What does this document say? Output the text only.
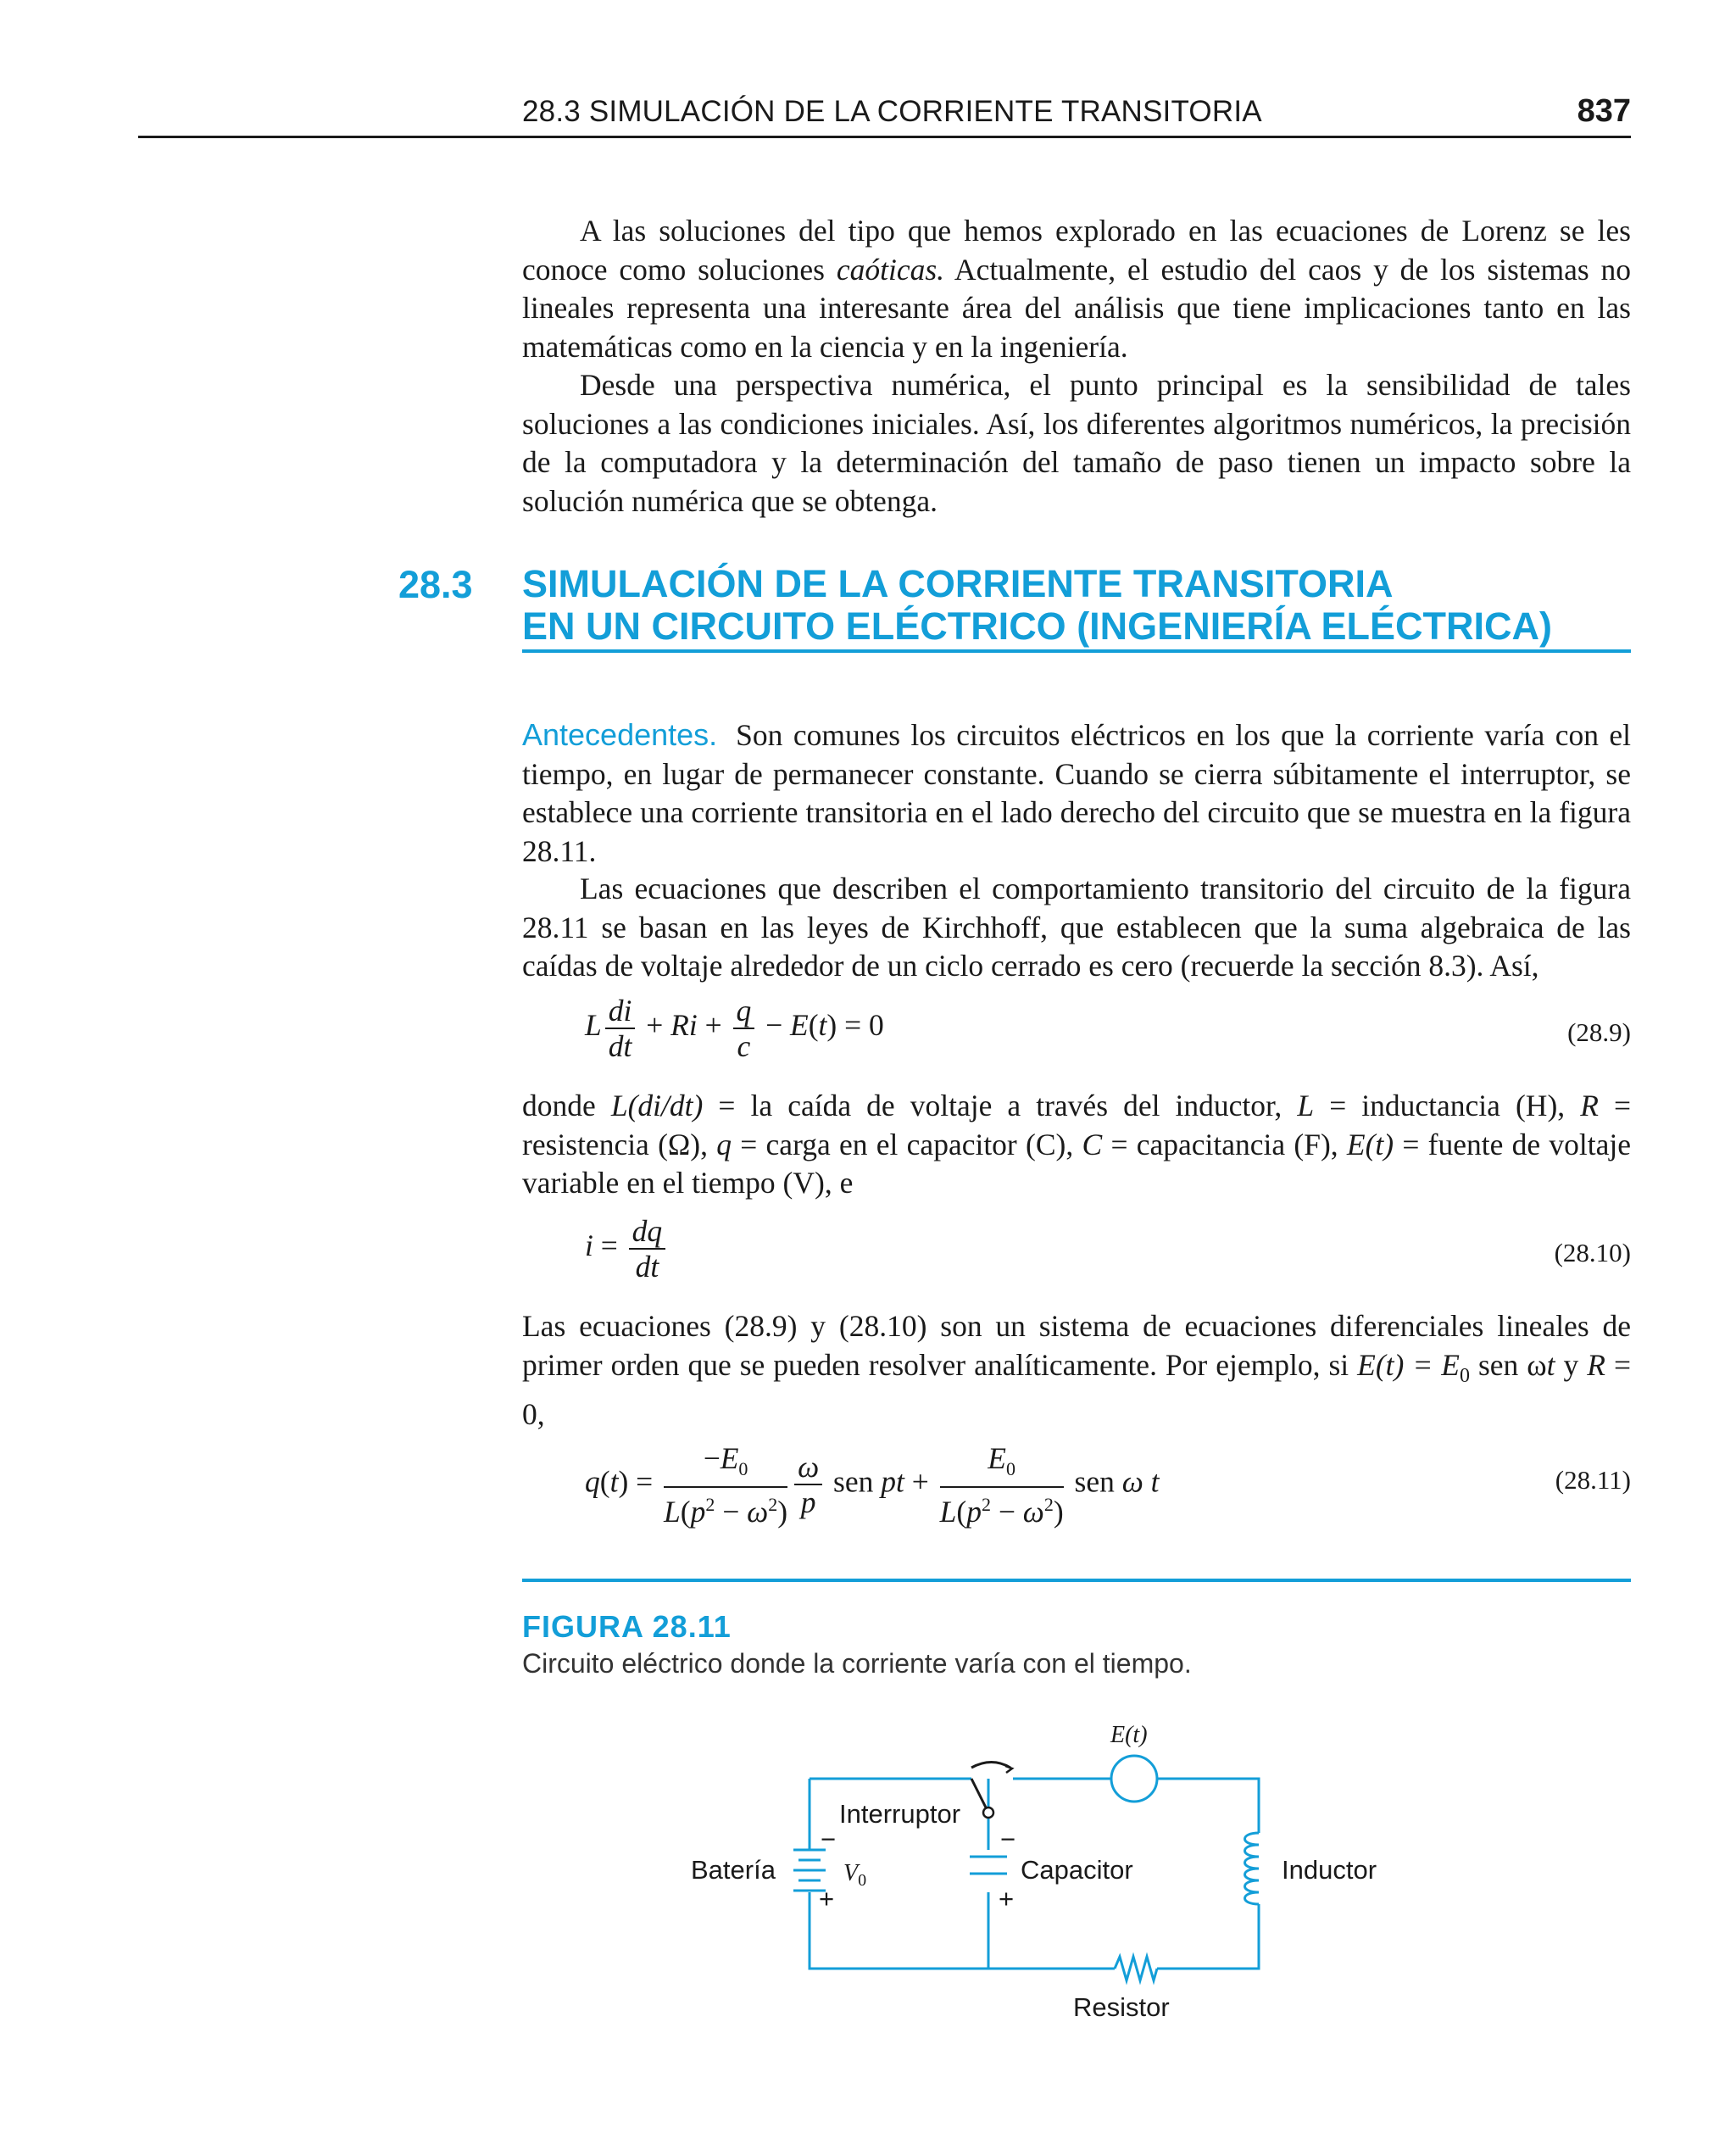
28.3 SIMULACIÓN DE LA CORRIENTE TRANSITORIA	837

A las soluciones del tipo que hemos explorado en las ecuaciones de Lorenz se les conoce como soluciones caóticas. Actualmente, el estudio del caos y de los sistemas no lineales representa una interesante área del análisis que tiene implicaciones tanto en las matemáticas como en la ciencia y en la ingeniería.

Desde una perspectiva numérica, el punto principal es la sensibilidad de tales soluciones a las condiciones iniciales. Así, los diferentes algoritmos numéricos, la precisión de la computadora y la determinación del tamaño de paso tienen un impacto sobre la solución numérica que se obtenga.

28.3 SIMULACIÓN DE LA CORRIENTE TRANSITORIA
EN UN CIRCUITO ELÉCTRICO (INGENIERÍA ELÉCTRICA)

Antecedentes. Son comunes los circuitos eléctricos en los que la corriente varía con el tiempo, en lugar de permanecer constante. Cuando se cierra súbitamente el interruptor, se establece una corriente transitoria en el lado derecho del circuito que se muestra en la figura 28.11.

Las ecuaciones que describen el comportamiento transitorio del circuito de la figura 28.11 se basan en las leyes de Kirchhoff, que establecen que la suma algebraica de las caídas de voltaje alrededor de un ciclo cerrado es cero (recuerde la sección 8.3). Así,

L $\frac{di}{dt} + Ri + \frac{q}{c} - E(t) = 0$	(28.9)

donde L(di/dt) = la caída de voltaje a través del inductor, L = inductancia (H), R = resistencia (Ω), q = carga en el capacitor (C), C = capacitancia (F), E(t) = fuente de voltaje variable en el tiempo (V), e

$i = \frac{dq}{dt}$	(28.10)

Las ecuaciones (28.9) y (28.10) son un sistema de ecuaciones diferenciales lineales de primer orden que se pueden resolver analíticamente. Por ejemplo, si $E(t) = E_0$ sen ωt y R = 0,

$q(t) = \frac{-E_0}{L(p^2 - \omega^2)} \frac{\omega}{p}$ sen pt + $\frac{E_0}{L(p^2 - \omega^2)}$ sen ω t	(28.11)
FIGURA 28.11
Circuito eléctrico donde la corriente varía con el tiempo.
E(t)
Interruptor
Batería	$V_0$
−
+
−
+
Capacitor	Inductor
Resistor
